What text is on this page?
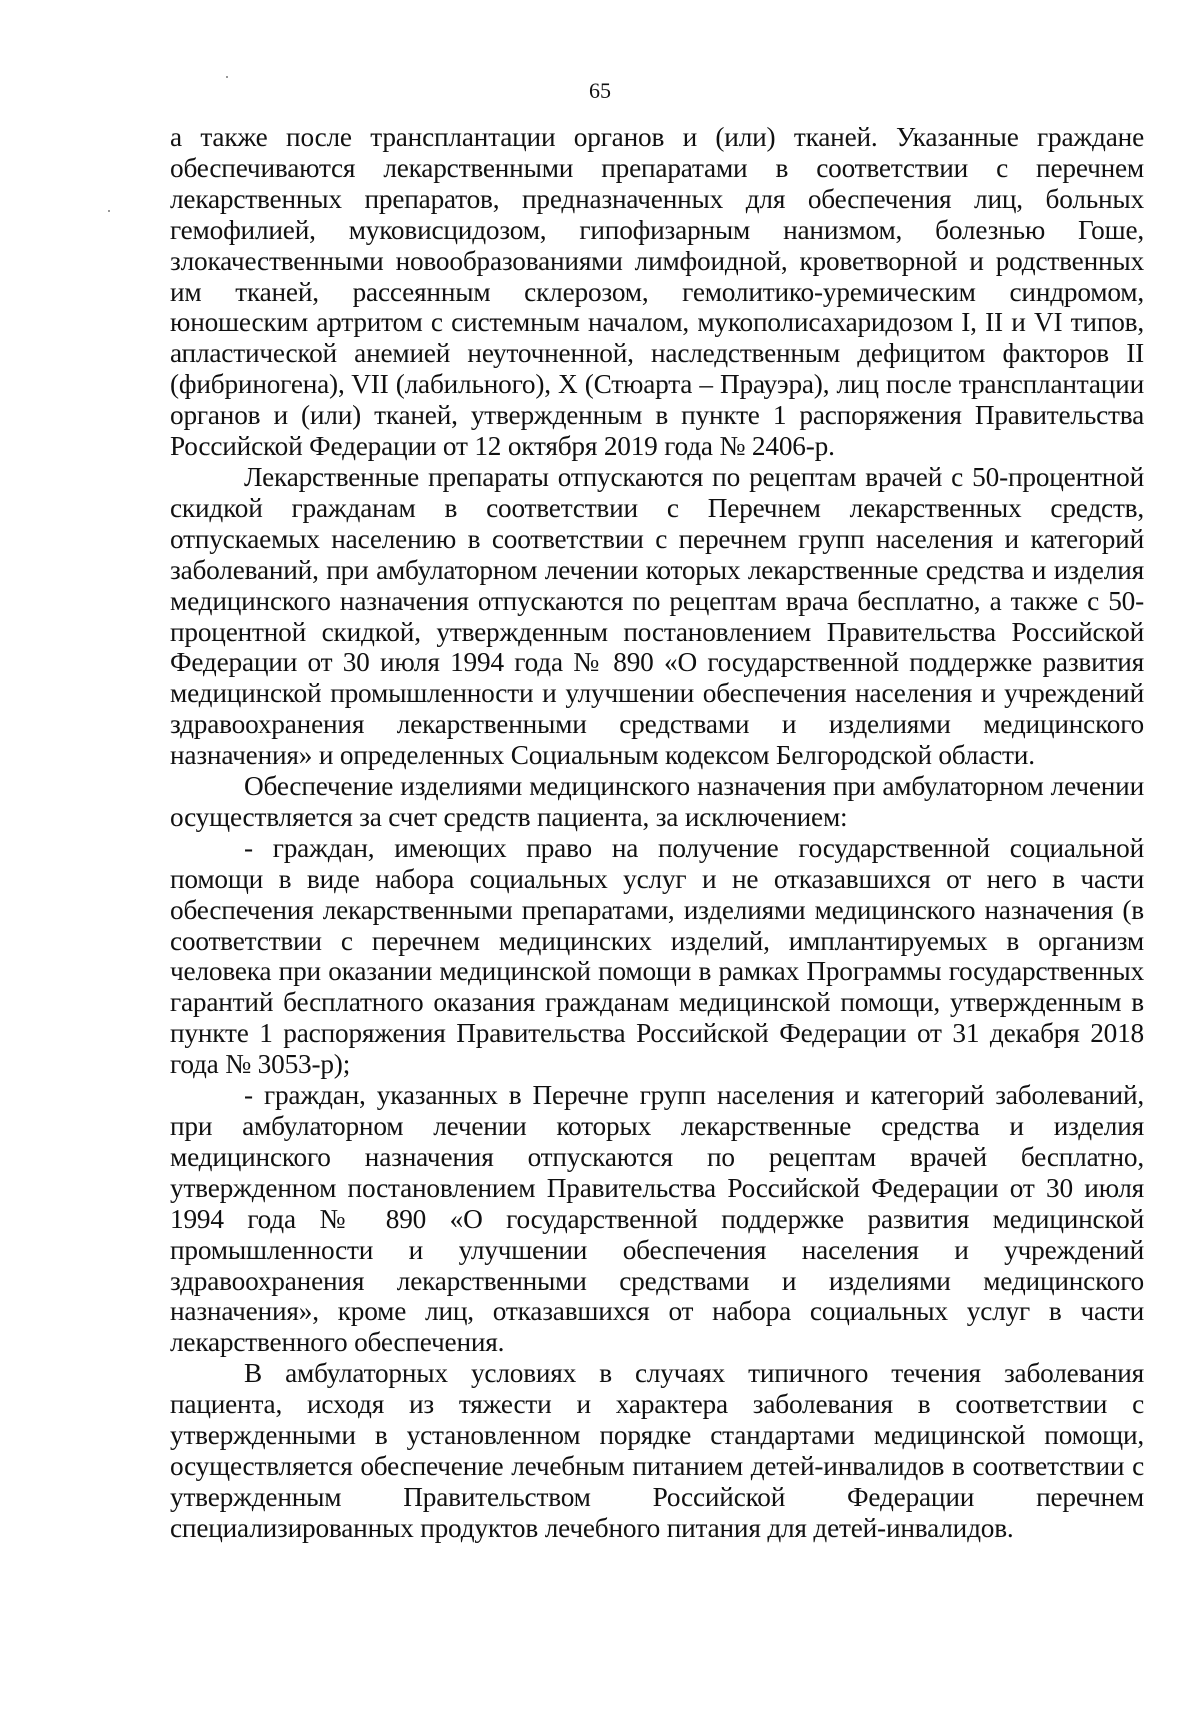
65

а также после трансплантации органов и (или) тканей. Указанные граждане обеспечиваются лекарственными препаратами в соответствии с перечнем лекарственных препаратов, предназначенных для обеспечения лиц, больных гемофилией, муковисцидозом, гипофизарным нанизмом, болезнью Гоше, злокачественными новообразованиями лимфоидной, кроветворной и родственных им тканей, рассеянным склерозом, гемолитико-уремическим синдромом, юношеским артритом с системным началом, мукополисахаридозом I, II и VI типов, апластической анемией неуточненной, наследственным дефицитом факторов II (фибриногена), VII (лабильного), X (Стюарта – Прауэра), лиц после трансплантации органов и (или) тканей, утвержденным в пункте 1 распоряжения Правительства Российской Федерации от 12 октября 2019 года № 2406-р.

Лекарственные препараты отпускаются по рецептам врачей с 50-процентной скидкой гражданам в соответствии с Перечнем лекарственных средств, отпускаемых населению в соответствии с перечнем групп населения и категорий заболеваний, при амбулаторном лечении которых лекарственные средства и изделия медицинского назначения отпускаются по рецептам врача бесплатно, а также с 50-процентной скидкой, утвержденным постановлением Правительства Российской Федерации от 30 июля 1994 года № 890 «О государственной поддержке развития медицинской промышленности и улучшении обеспечения населения и учреждений здравоохранения лекарственными средствами и изделиями медицинского назначения» и определенных Социальным кодексом Белгородской области.

Обеспечение изделиями медицинского назначения при амбулаторном лечении осуществляется за счет средств пациента, за исключением:

- граждан, имеющих право на получение государственной социальной помощи в виде набора социальных услуг и не отказавшихся от него в части обеспечения лекарственными препаратами, изделиями медицинского назначения (в соответствии с перечнем медицинских изделий, имплантируемых в организм человека при оказании медицинской помощи в рамках Программы государственных гарантий бесплатного оказания гражданам медицинской помощи, утвержденным в пункте 1 распоряжения Правительства Российской Федерации от 31 декабря 2018 года № 3053-р);

- граждан, указанных в Перечне групп населения и категорий заболеваний, при амбулаторном лечении которых лекарственные средства и изделия медицинского назначения отпускаются по рецептам врачей бесплатно, утвержденном постановлением Правительства Российской Федерации от 30 июля 1994 года № 890 «О государственной поддержке развития медицинской промышленности и улучшении обеспечения населения и учреждений здравоохранения лекарственными средствами и изделиями медицинского назначения», кроме лиц, отказавшихся от набора социальных услуг в части лекарственного обеспечения.

В амбулаторных условиях в случаях типичного течения заболевания пациента, исходя из тяжести и характера заболевания в соответствии с утвержденными в установленном порядке стандартами медицинской помощи, осуществляется обеспечение лечебным питанием детей-инвалидов в соответствии с утвержденным Правительством Российской Федерации перечнем специализированных продуктов лечебного питания для детей-инвалидов.
